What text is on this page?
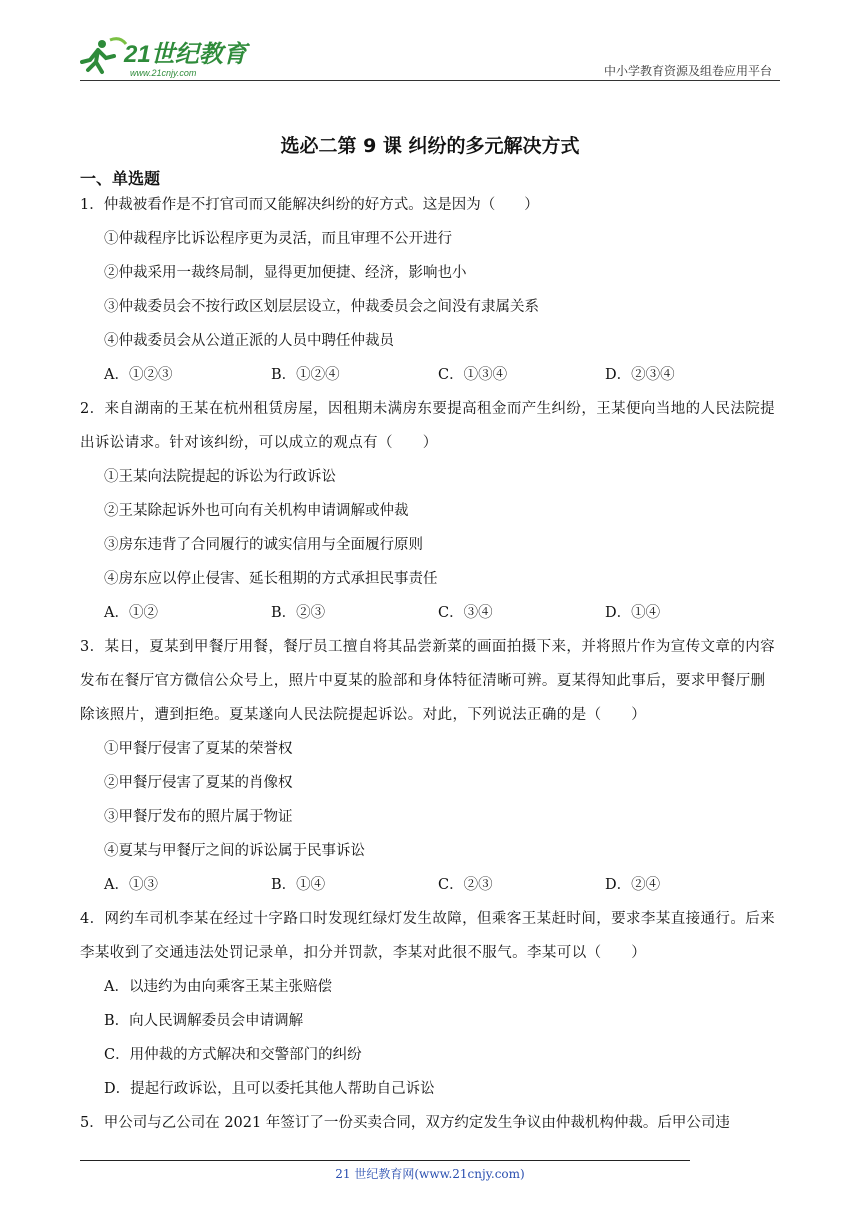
21世纪教育
www.21cnjy.com	中小学教育资源及组卷应用平台
选必二第 9 课 纠纷的多元解决方式
一、单选题
1．仲裁被看作是不打官司而又能解决纠纷的好方式。这是因为（　　）
①仲裁程序比诉讼程序更为灵活，而且审理不公开进行
②仲裁采用一裁终局制，显得更加便捷、经济，影响也小
③仲裁委员会不按行政区划层层设立，仲裁委员会之间没有隶属关系
④仲裁委员会从公道正派的人员中聘任仲裁员
A．①②③	B．①②④	C．①③④	D．②③④
2．来自湖南的王某在杭州租赁房屋，因租期未满房东要提高租金而产生纠纷，王某便向当地的人民法院提出诉讼请求。针对该纠纷，可以成立的观点有（　　）
①王某向法院提起的诉讼为行政诉讼
②王某除起诉外也可向有关机构申请调解或仲裁
③房东违背了合同履行的诚实信用与全面履行原则
④房东应以停止侵害、延长租期的方式承担民事责任
A．①②	B．②③	C．③④	D．①④
3．某日，夏某到甲餐厅用餐，餐厅员工擅自将其品尝新菜的画面拍摄下来，并将照片作为宣传文章的内容发布在餐厅官方微信公众号上，照片中夏某的脸部和身体特征清晰可辨。夏某得知此事后，要求甲餐厅删除该照片，遭到拒绝。夏某遂向人民法院提起诉讼。对此，下列说法正确的是（　　）
①甲餐厅侵害了夏某的荣誉权
②甲餐厅侵害了夏某的肖像权
③甲餐厅发布的照片属于物证
④夏某与甲餐厅之间的诉讼属于民事诉讼
A．①③	B．①④	C．②③	D．②④
4．网约车司机李某在经过十字路口时发现红绿灯发生故障，但乘客王某赶时间，要求李某直接通行。后来李某收到了交通违法处罚记录单，扣分并罚款，李某对此很不服气。李某可以（　　）
A．以违约为由向乘客王某主张赔偿
B．向人民调解委员会申请调解
C．用仲裁的方式解决和交警部门的纠纷
D．提起行政诉讼，且可以委托其他人帮助自己诉讼
5．甲公司与乙公司在 2021 年签订了一份买卖合同，双方约定发生争议由仲裁机构仲裁。后甲公司违
21 世纪教育网(www.21cnjy.com)
